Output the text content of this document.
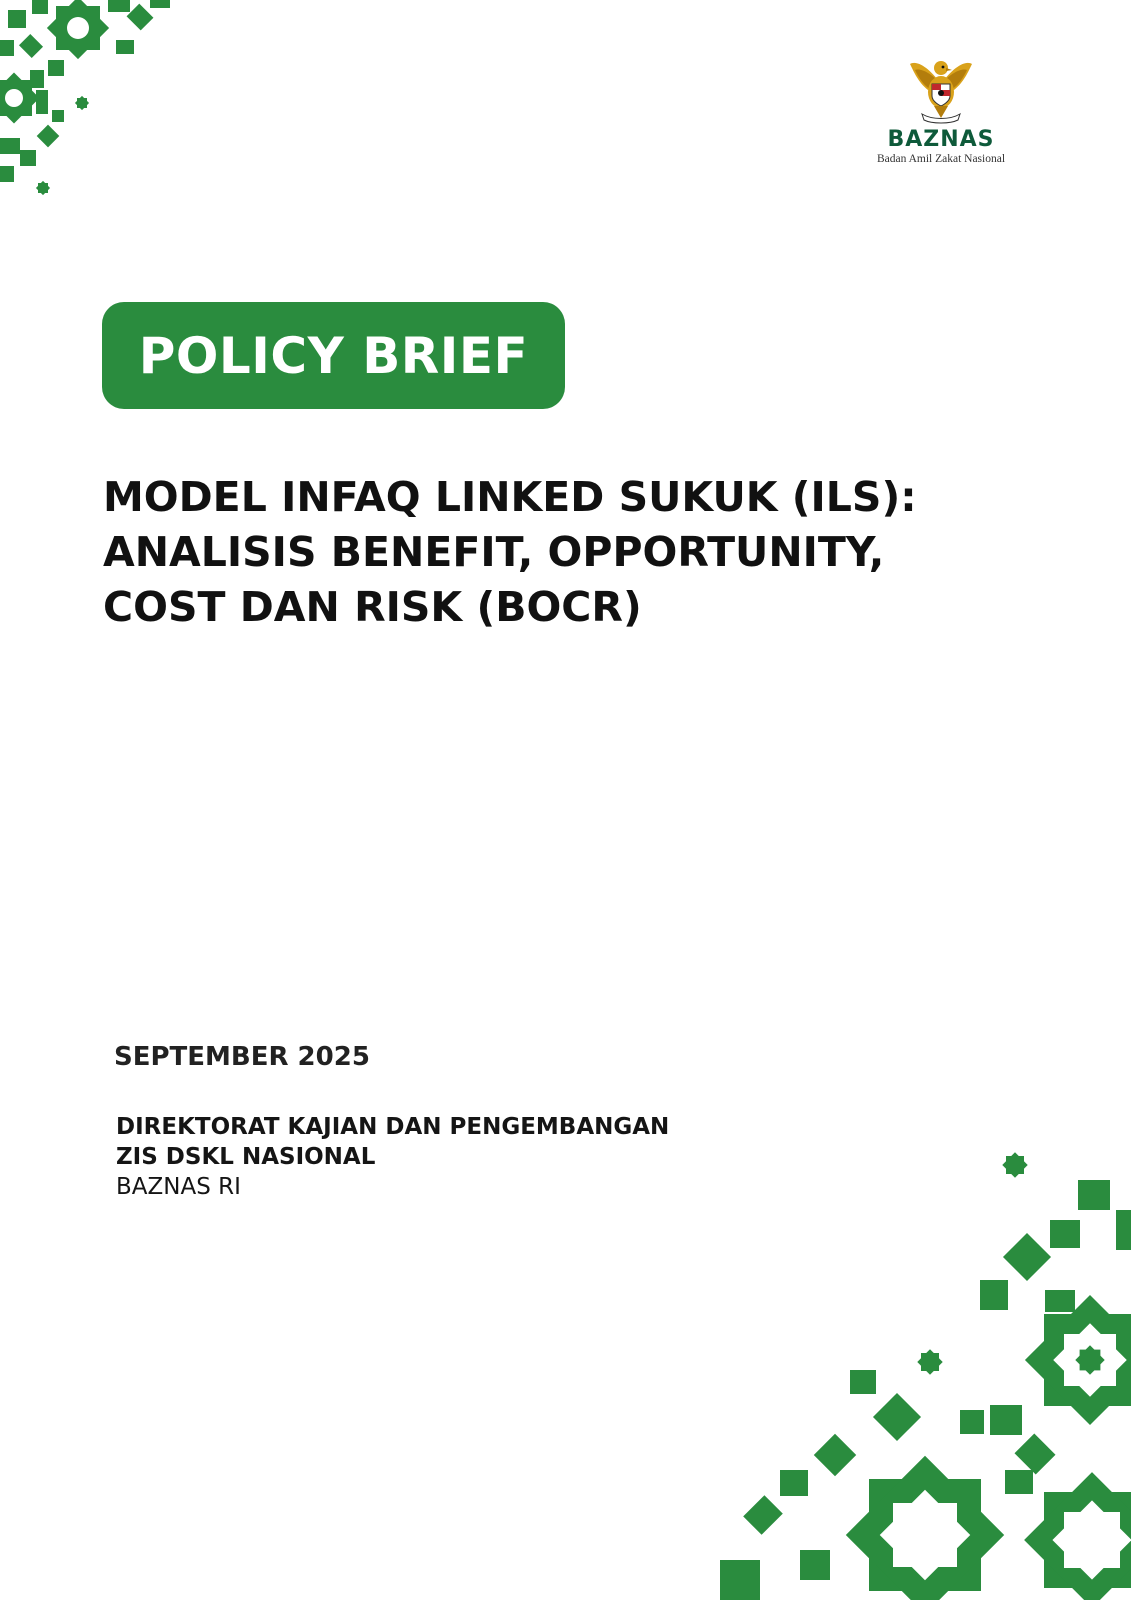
BAZNAS
Badan Amil Zakat Nasional
POLICY BRIEF
MODEL INFAQ LINKED SUKUK (ILS):
ANALISIS BENEFIT, OPPORTUNITY,
COST DAN RISK (BOCR)
SEPTEMBER 2025
DIREKTORAT KAJIAN DAN PENGEMBANGAN
ZIS DSKL NASIONAL
BAZNAS RI
